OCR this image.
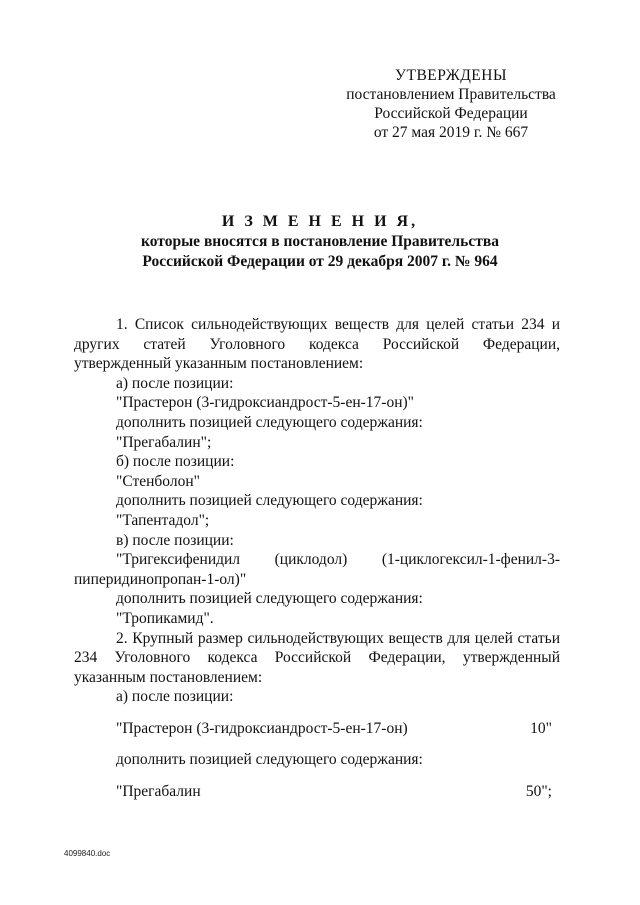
УТВЕРЖДЕНЫ
постановлением Правительства
Российской Федерации
от 27 мая 2019 г. № 667
И З М Е Н Е Н И Я,
которые вносятся в постановление Правительства
Российской Федерации от 29 декабря 2007 г. № 964

1. Список сильнодействующих веществ для целей статьи 234 и других статей Уголовного кодекса Российской Федерации, утвержденный указанным постановлением:

а) после позиции:

"Прастерон (3-гидроксиандрост-5-ен-17-он)"

дополнить позицией следующего содержания:

"Прегабалин";

б) после позиции:

"Стенболон"

дополнить позицией следующего содержания:

"Тапентадол";

в) после позиции:

"Тригексифенидил (циклодол) (1-циклогексил-1-фенил-3-пиперидинопропан-1-ол)"

дополнить позицией следующего содержания:

"Тропикамид".

2. Крупный размер сильнодействующих веществ для целей статьи 234 Уголовного кодекса Российской Федерации, утвержденный указанным постановлением:

а) после позиции:

"Прастерон (3-гидроксиандрост-5-ен-17-он)	10"

дополнить позицией следующего содержания:

"Прегабалин	50";
4099840.doc
